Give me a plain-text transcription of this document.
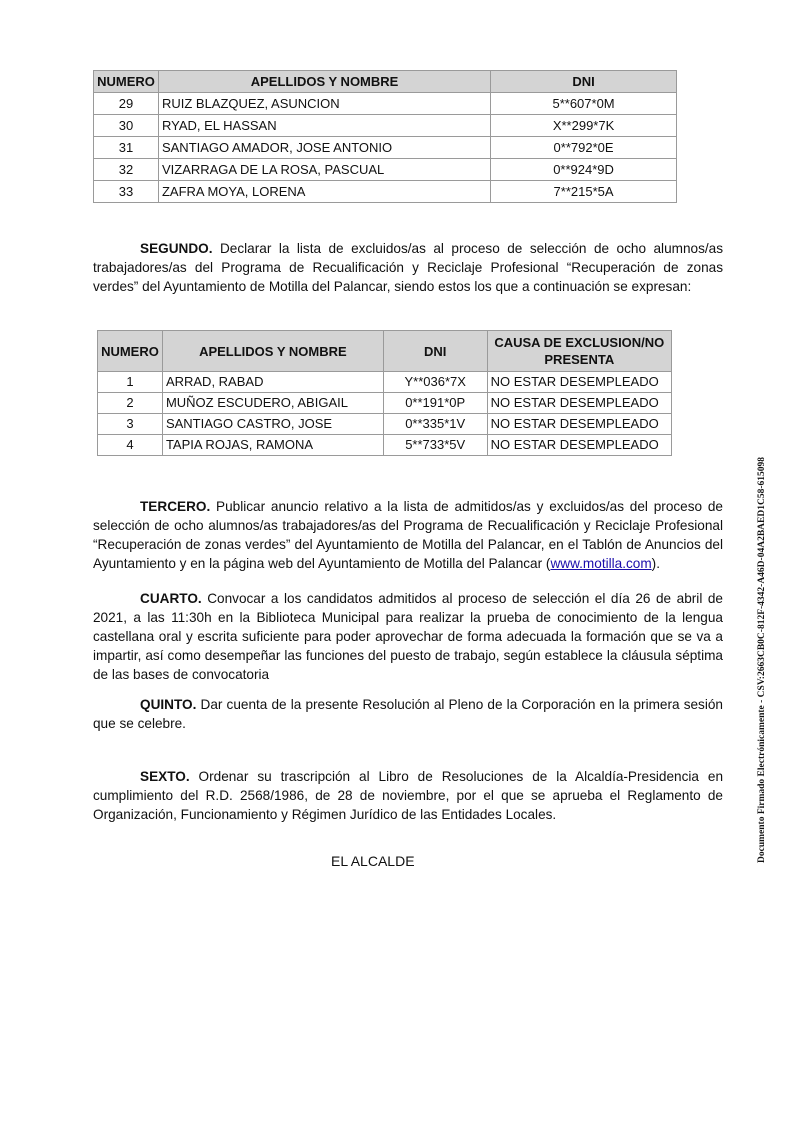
NUMERO	APELLIDOS Y NOMBRE	DNI
29	RUIZ BLAZQUEZ, ASUNCION	5**607*0M
30	RYAD, EL HASSAN	X**299*7K
31	SANTIAGO AMADOR, JOSE ANTONIO	0**792*0E
32	VIZARRAGA DE LA ROSA, PASCUAL	0**924*9D
33	ZAFRA MOYA, LORENA	7**215*5A

SEGUNDO. Declarar la lista de excluidos/as al proceso de selección de ocho alumnos/as trabajadores/as del Programa de Recualificación y Reciclaje Profesional “Recuperación de zonas verdes” del Ayuntamiento de Motilla del Palancar, siendo estos los que a continuación se expresan:

NUMERO	APELLIDOS Y NOMBRE	DNI	CAUSA DE EXCLUSION/NO PRESENTA
1	ARRAD, RABAD	Y**036*7X	NO ESTAR DESEMPLEADO
2	MUÑOZ ESCUDERO, ABIGAIL	0**191*0P	NO ESTAR DESEMPLEADO
3	SANTIAGO CASTRO, JOSE	0**335*1V	NO ESTAR DESEMPLEADO
4	TAPIA ROJAS, RAMONA	5**733*5V	NO ESTAR DESEMPLEADO

TERCERO. Publicar anuncio relativo a la lista de admitidos/as y excluidos/as del proceso de selección de ocho alumnos/as trabajadores/as del Programa de Recualificación y Reciclaje Profesional “Recuperación de zonas verdes” del Ayuntamiento de Motilla del Palancar, en el Tablón de Anuncios del Ayuntamiento y en la página web del Ayuntamiento de Motilla del Palancar (www.motilla.com).

CUARTO. Convocar a los candidatos admitidos al proceso de selección el día 26 de abril de 2021, a las 11:30h en la Biblioteca Municipal para realizar la prueba de conocimiento de la lengua castellana oral y escrita suficiente para poder aprovechar de forma adecuada la formación que se va a impartir, así como desempeñar las funciones del puesto de trabajo, según establece la cláusula séptima de las bases de convocatoria

QUINTO. Dar cuenta de la presente Resolución al Pleno de la Corporación en la primera sesión que se celebre.

SEXTO. Ordenar su trascripción al Libro de Resoluciones de la Alcaldía-Presidencia en cumplimiento del R.D. 2568/1986, de 28 de noviembre, por el que se aprueba el Reglamento de Organización, Funcionamiento y Régimen Jurídico de las Entidades Locales.

EL ALCALDE	Documento Firmado Electrónicamente - CSV:2663CB0C-812F-4342-A46D-04A2BAED1C58-615098
